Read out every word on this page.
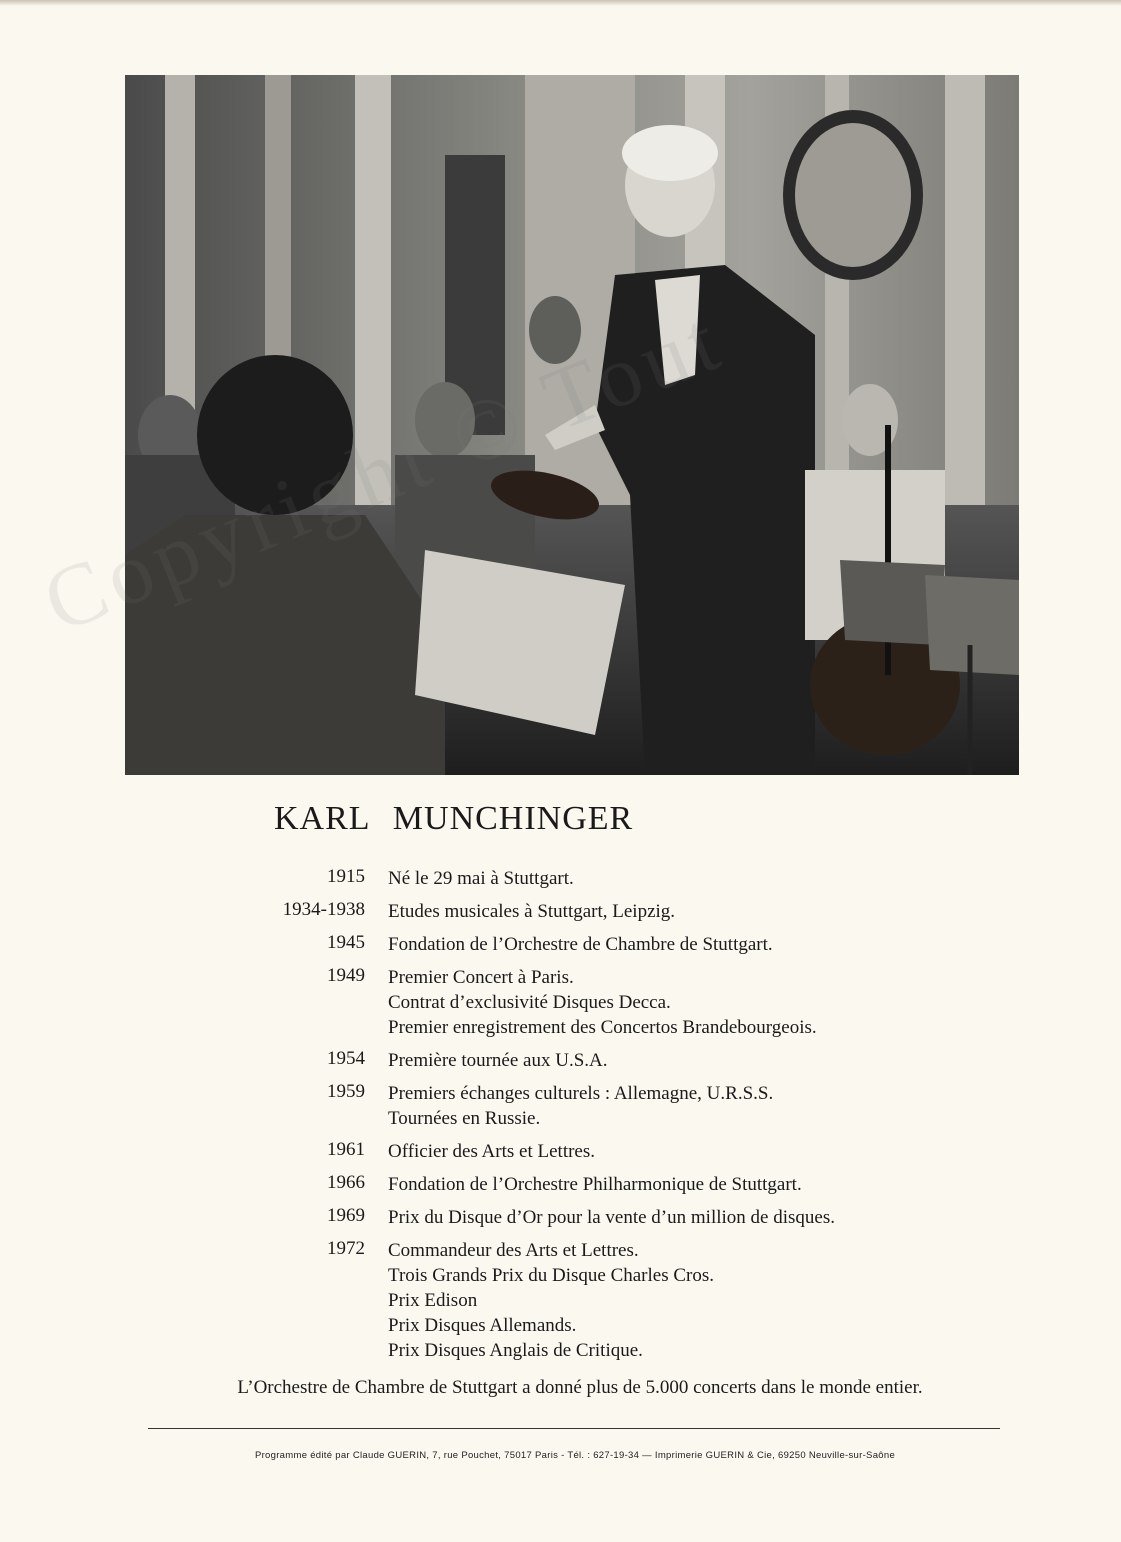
KARL MUNCHINGER
1915	Né le 29 mai à Stuttgart.
1934-1938	Etudes musicales à Stuttgart, Leipzig.
1945	Fondation de l’Orchestre de Chambre de Stuttgart.
1949	Premier Concert à Paris.
Contrat d’exclusivité Disques Decca.
Premier enregistrement des Concertos Brandebourgeois.
1954	Première tournée aux U.S.A.
1959	Premiers échanges culturels : Allemagne, U.R.S.S.
Tournées en Russie.
1961	Officier des Arts et Lettres.
1966	Fondation de l’Orchestre Philharmonique de Stuttgart.
1969	Prix du Disque d’Or pour la vente d’un million de disques.
1972	Commandeur des Arts et Lettres.
Trois Grands Prix du Disque Charles Cros.
Prix Edison
Prix Disques Allemands.
Prix Disques Anglais de Critique.
L’Orchestre de Chambre de Stuttgart a donné plus de 5.000 concerts dans le monde entier.
Programme édité par Claude GUERIN, 7, rue Pouchet, 75017 Paris - Tél. : 627-19-34 — Imprimerie GUERIN & Cie, 69250 Neuville-sur-Saône
